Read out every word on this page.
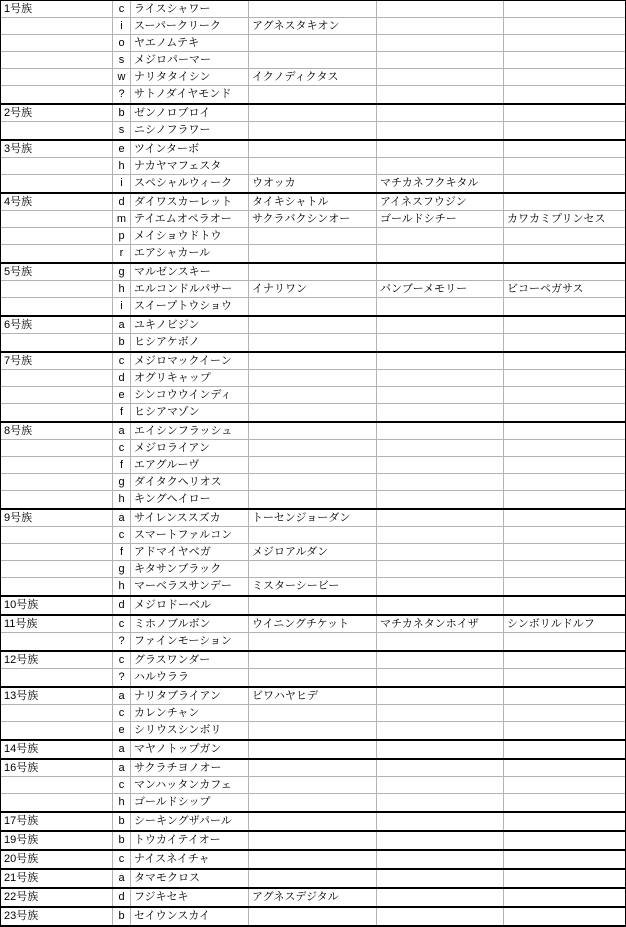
1号族	c ライスシャワー
i	スーパークリーク	アグネスタキオン
o ヤエノムテキ
s メジロパーマー
w ナリタタイシン	イクノディクタス
? サトノダイヤモンド
2号族	b ゼンノロブロイ
s ニシノフラワー
3号族	e ツインターボ
h ナカヤマフェスタ
i	スペシャルウィーク	ウオッカ	マチカネフクキタル
4号族	d ダイワスカーレット	タイキシャトル	アイネスフウジン
m テイエムオペラオー	サクラバクシンオー	ゴールドシチー	カワカミプリンセス
p メイショウドトウ
r エアシャカール
5号族	g マルゼンスキー
h エルコンドルパサー	イナリワン	バンブーメモリー	ビコーペガサス
i	スイープトウショウ
6号族	a ユキノビジン
b ヒシアケボノ
7号族	c メジロマックイーン
d オグリキャップ
e シンコウウインディ
f ヒシアマゾン
8号族	a エイシンフラッシュ
c メジロライアン
f エアグルーヴ
g ダイタクヘリオス
h キングヘイロー
9号族	a サイレンススズカ	トーセンジョーダン
c スマートファルコン
f アドマイヤベガ	メジロアルダン
g キタサンブラック
h マーベラスサンデー	ミスターシービー
10号族	d メジロドーベル
11号族	c ミホノブルボン	ウイニングチケット	マチカネタンホイザ	シンボリルドルフ
? ファインモーション
12号族	c グラスワンダー
? ハルウララ
13号族	a ナリタブライアン	ビワハヤヒデ
c カレンチャン
e シリウスシンボリ
14号族	a マヤノトップガン
16号族	a サクラチヨノオー
c マンハッタンカフェ
h ゴールドシップ
17号族	b シーキングザパール
19号族	b トウカイテイオー
20号族	c ナイスネイチャ
21号族	a タマモクロス
22号族	d フジキセキ	アグネスデジタル
23号族	b セイウンスカイ
